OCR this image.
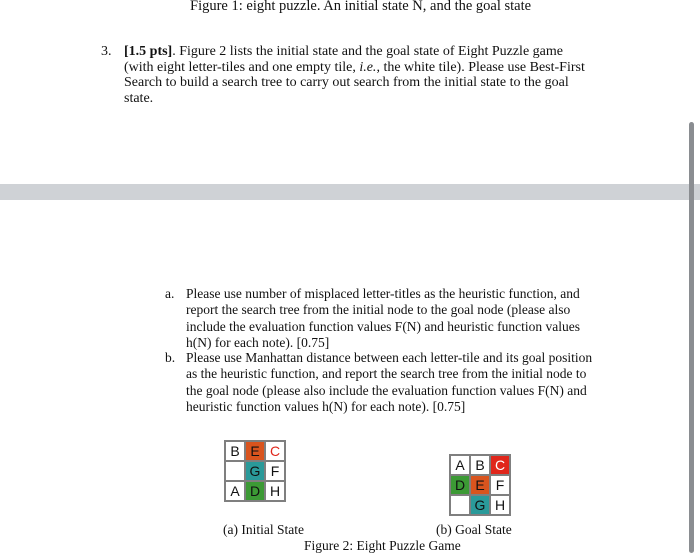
Figure 1: eight puzzle. An initial state N, and the goal state
3. [1.5 pts]. Figure 2 lists the initial state and the goal state of Eight Puzzle game (with eight letter-tiles and one empty tile, i.e., the white tile). Please use Best-First Search to build a search tree to carry out search from the initial state to the goal state.
a. Please use number of misplaced letter-titles as the heuristic function, and report the search tree from the initial node to the goal node (please also include the evaluation function values F(N) and heuristic function values h(N) for each note). [0.75]
b. Please use Manhattan distance between each letter-tile and its goal position as the heuristic function, and report the search tree from the initial node to the goal node (please also include the evaluation function values F(N) and heuristic function values h(N) for each note). [0.75]
B E C
G F
A D H
A B C
D E F
G H
(a) Initial State	(b) Goal State
Figure 2: Eight Puzzle Game
